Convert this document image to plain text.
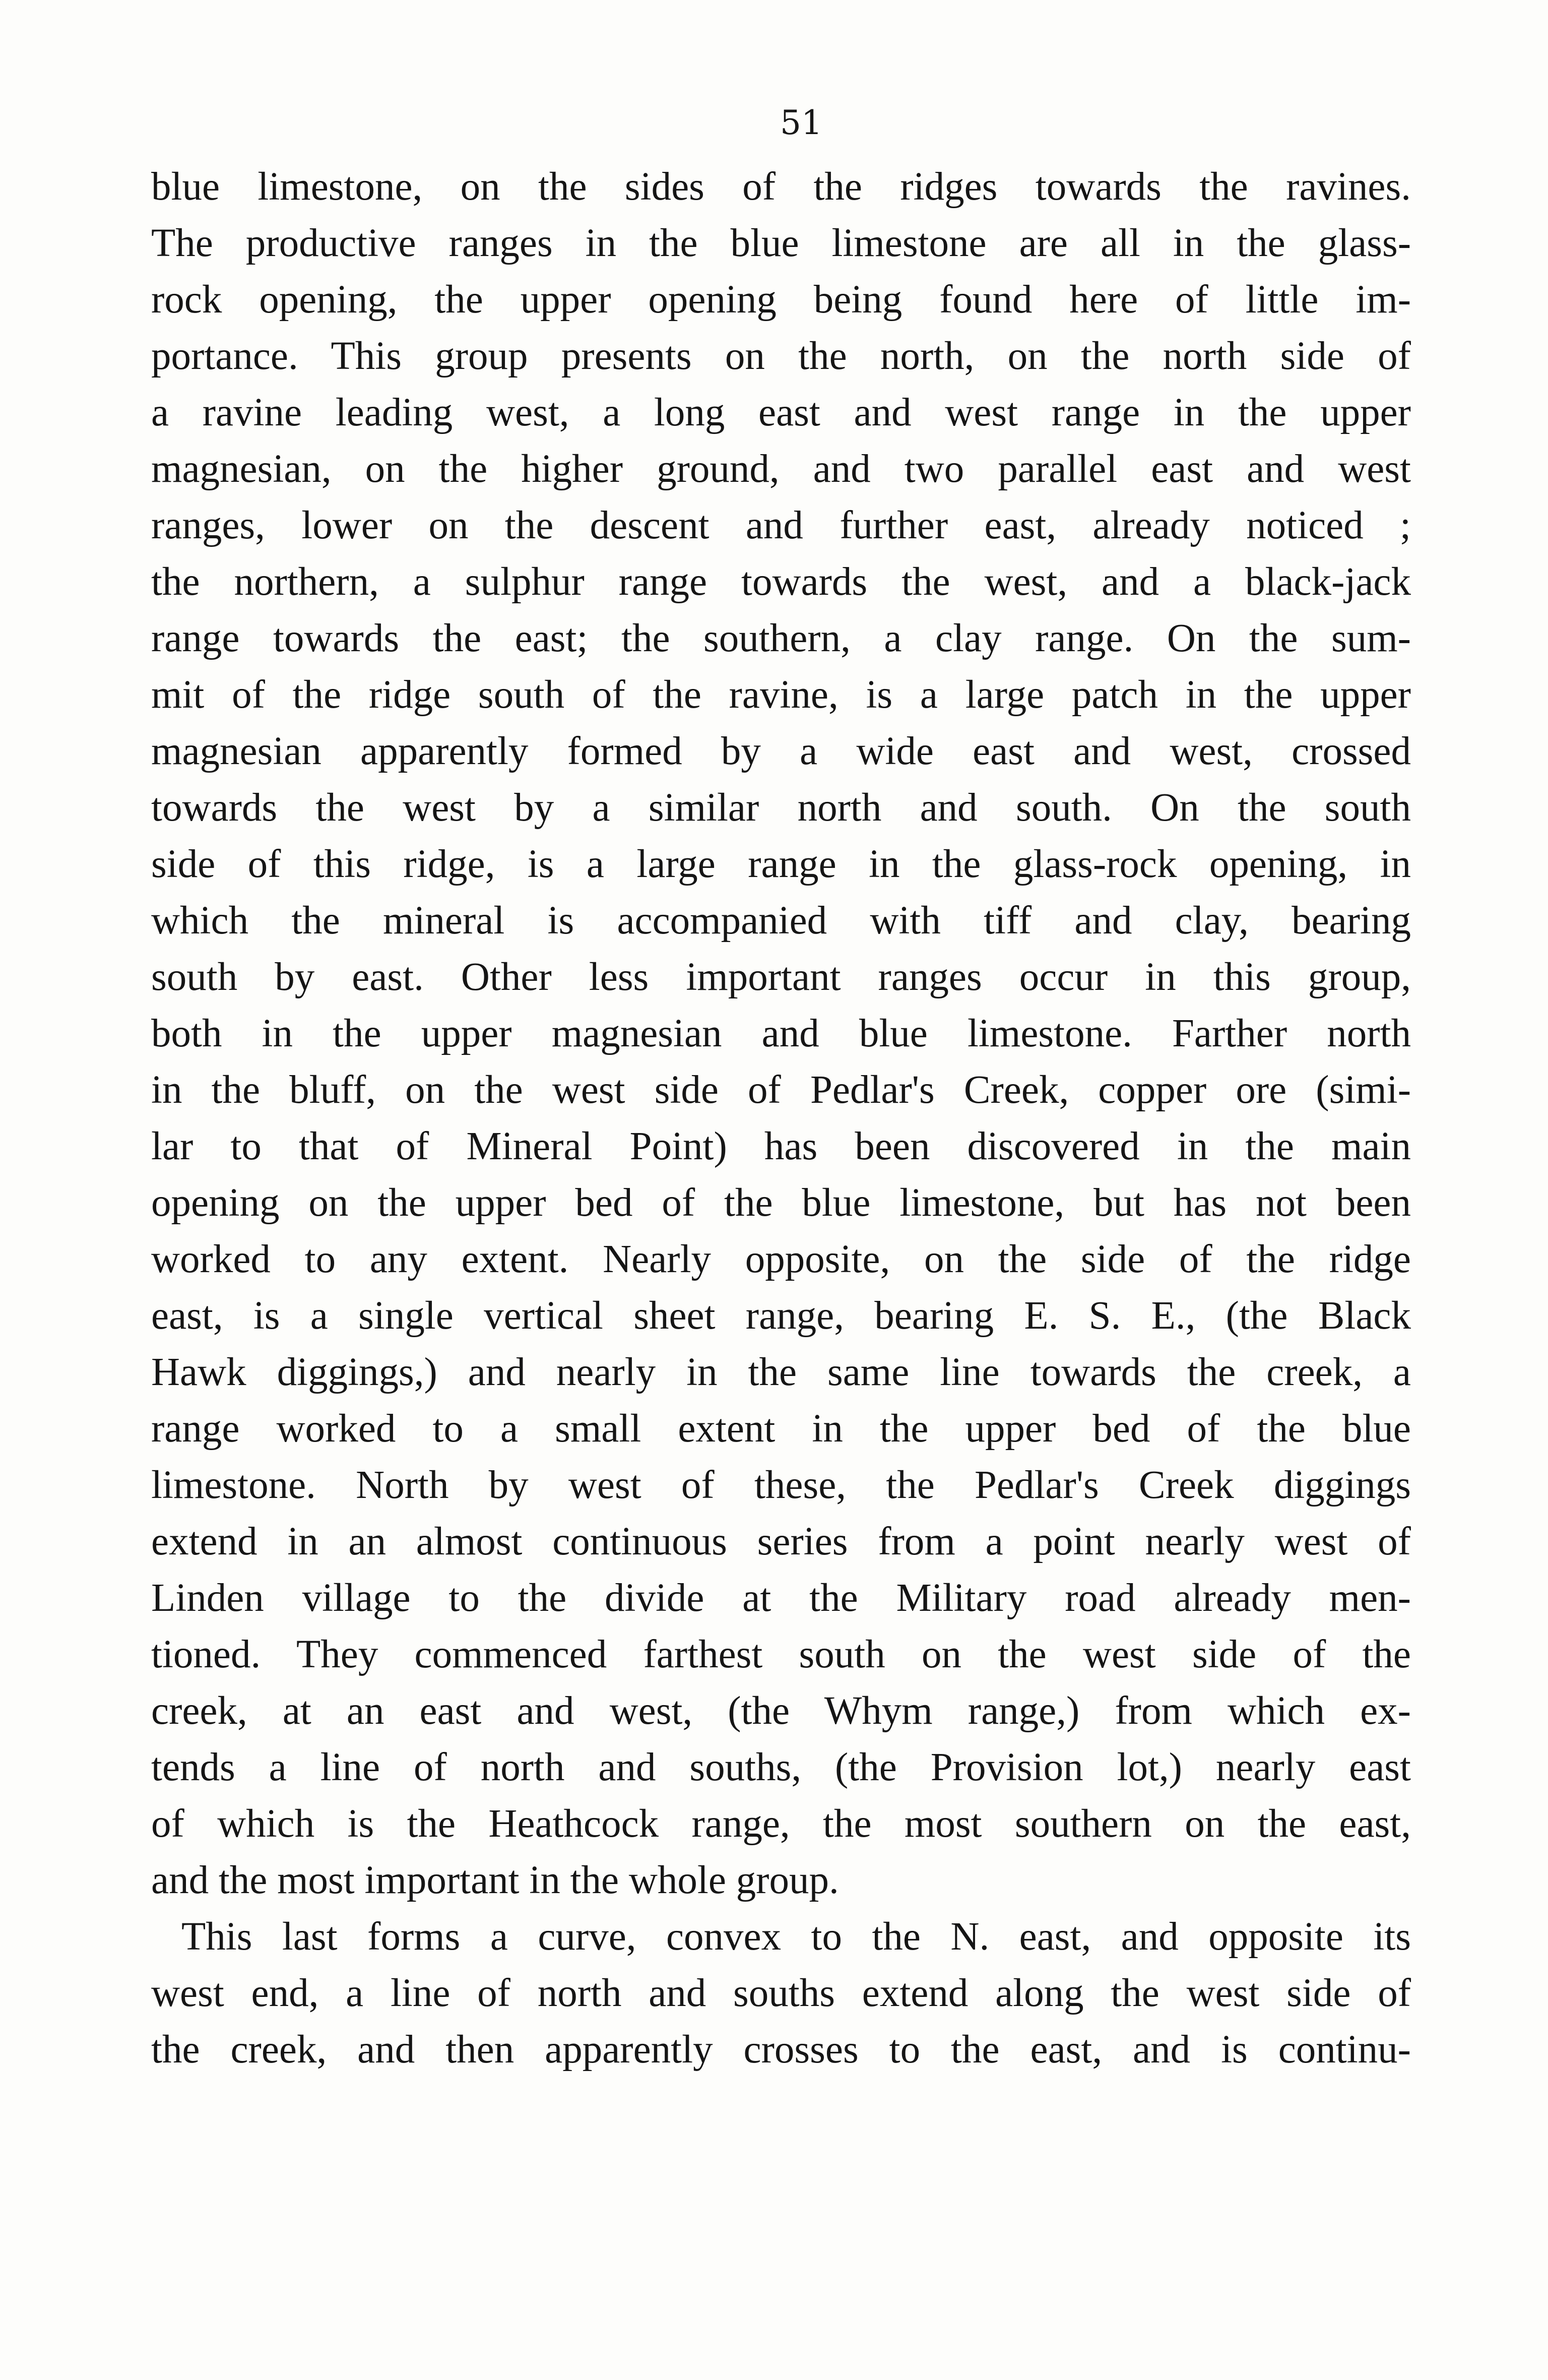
51
blue limestone, on the sides of the ridges towards the ravines.
The productive ranges in the blue limestone are all in the glass-
rock opening, the upper opening being found here of little im-
portance. This group presents on the north, on the north side of
a ravine leading west, a long east and west range in the upper
magnesian, on the higher ground, and two parallel east and west
ranges, lower on the descent and further east, already noticed ;
the northern, a sulphur range towards the west, and a black-jack
range towards the east; the southern, a clay range. On the sum-
mit of the ridge south of the ravine, is a large patch in the upper
magnesian apparently formed by a wide east and west, crossed
towards the west by a similar north and south. On the south
side of this ridge, is a large range in the glass-rock opening, in
which the mineral is accompanied with tiff and clay, bearing
south by east. Other less important ranges occur in this group,
both in the upper magnesian and blue limestone. Farther north
in the bluff, on the west side of Pedlar's Creek, copper ore (simi-
lar to that of Mineral Point) has been discovered in the main
opening on the upper bed of the blue limestone, but has not been
worked to any extent. Nearly opposite, on the side of the ridge
east, is a single vertical sheet range, bearing E. S. E., (the Black
Hawk diggings,) and nearly in the same line towards the creek, a
range worked to a small extent in the upper bed of the blue
limestone. North by west of these, the Pedlar's Creek diggings
extend in an almost continuous series from a point nearly west of
Linden village to the divide at the Military road already men-
tioned. They commenced farthest south on the west side of the
creek, at an east and west, (the Whym range,) from which ex-
tends a line of north and souths, (the Provision lot,) nearly east
of which is the Heathcock range, the most southern on the east,
and the most important in the whole group.
This last forms a curve, convex to the N. east, and opposite its
west end, a line of north and souths extend along the west side of
the creek, and then apparently crosses to the east, and is continu-
